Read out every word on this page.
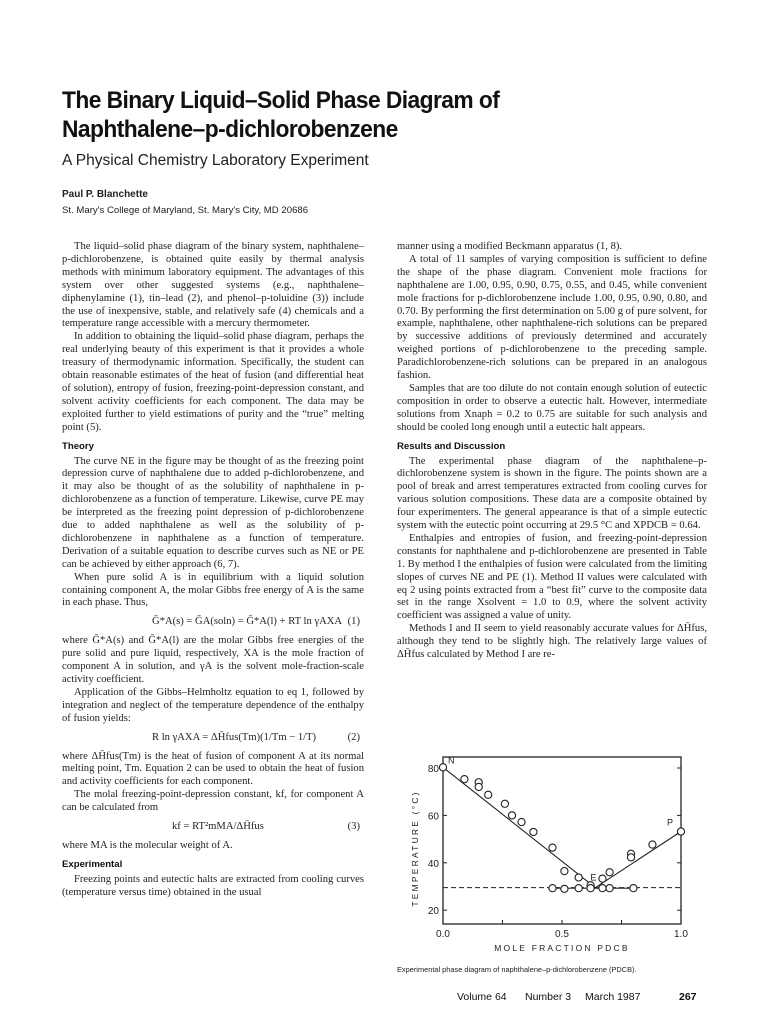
The Binary Liquid–Solid Phase Diagram of
Naphthalene–p-dichlorobenzene
A Physical Chemistry Laboratory Experiment
Paul P. Blanchette
St. Mary's College of Maryland, St. Mary's City, MD 20686

The liquid–solid phase diagram of the binary system, naphthalene–p-dichlorobenzene, is obtained quite easily by thermal analysis methods with minimum laboratory equipment. The advantages of this system over other suggested systems (e.g., naphthalene–diphenylamine (1), tin–lead (2), and phenol–p-toluidine (3)) include the use of inexpensive, stable, and relatively safe (4) chemicals and a temperature range accessible with a mercury thermometer.

In addition to obtaining the liquid–solid phase diagram, perhaps the real underlying beauty of this experiment is that it provides a whole treasury of thermodynamic information. Specifically, the student can obtain reasonable estimates of the heat of fusion (and differential heat of solution), entropy of fusion, freezing-point-depression constant, and solvent activity coefficients for each component. The data may be exploited further to yield estimations of purity and the “true” melting point (5).

Theory

The curve NE in the figure may be thought of as the freezing point depression curve of naphthalene due to added p-dichlorobenzene, and it may also be thought of as the solubility of naphthalene in p-dichlorobenzene as a function of temperature. Likewise, curve PE may be interpreted as the freezing point depression of p-dichlorobenzene due to added naphthalene as well as the solubility of p-dichlorobenzene in naphthalene as a function of temperature. Derivation of a suitable equation to describe curves such as NE or PE can be achieved by either approach (6, 7).

When pure solid A is in equilibrium with a liquid solution containing component A, the molar Gibbs free energy of A is the same in each phase. Thus,

Ḡ*A(s) = ḠA(soln) = Ḡ*A(l) + RT ln γAXA (1)

where Ḡ*A(s) and Ḡ*A(l) are the molar Gibbs free energies of the pure solid and pure liquid, respectively, XA is the mole fraction of component A in solution, and γA is the solvent mole-fraction-scale activity coefficient.

Application of the Gibbs–Helmholtz equation to eq 1, followed by integration and neglect of the temperature dependence of the enthalpy of fusion yields:

R ln γAXA = ΔH̄fus(Tm)(1/Tm − 1/T)	(2)

where ΔH̄fus(Tm) is the heat of fusion of component A at its normal melting point, Tm. Equation 2 can be used to obtain the heat of fusion and activity coefficients for each component.

The molal freezing-point-depression constant, kf, for component A can be calculated from

kf = RT²mMA/ΔH̄fus	(3)

where MA is the molecular weight of A.

Experimental

Freezing points and eutectic halts are extracted from cooling curves (temperature versus time) obtained in the usual

manner using a modified Beckmann apparatus (1, 8).

A total of 11 samples of varying composition is sufficient to define the shape of the phase diagram. Convenient mole fractions for naphthalene are 1.00, 0.95, 0.90, 0.75, 0.55, and 0.45, while convenient mole fractions for p-dichlorobenzene include 1.00, 0.95, 0.90, 0.80, and 0.70. By performing the first determination on 5.00 g of pure solvent, for example, naphthalene, other naphthalene-rich solutions can be prepared by successive additions of previously determined and accurately weighed portions of p-dichlorobenzene to the preceding sample. Paradichlorobenzene-rich solutions can be prepared in an analogous fashion.

Samples that are too dilute do not contain enough solution of eutectic composition in order to observe a eutectic halt. However, intermediate solutions from Xnaph = 0.2 to 0.75 are suitable for such analysis and should be cooled long enough until a eutectic halt appears.

Results and Discussion

The experimental phase diagram of the naphthalene–p-dichlorobenzene system is shown in the figure. The points shown are a pool of break and arrest temperatures extracted from cooling curves for various solution compositions. These data are a composite obtained by four experimenters. The general appearance is that of a simple eutectic system with the eutectic point occurring at 29.5 °C and XPDCB = 0.64.

Enthalpies and entropies of fusion, and freezing-point-depression constants for naphthalene and p-dichlorobenzene are presented in Table 1. By method I the enthalpies of fusion were calculated from the limiting slopes of curves NE and PE (1). Method II values were calculated with eq 2 using points extracted from a “best fit” curve to the composite data set in the range Xsolvent = 1.0 to 0.9, where the solvent activity coefficient was assigned a value of unity.

Methods I and II seem to yield reasonably accurate values for ΔH̄fus, although they tend to be slightly high. The relatively large values of ΔH̄fus calculated by Method I are re-

20
40
60
80
0.0	0.5	1.0
MOLE FRACTION PDCB
TEMPERATURE (°C)
N
E
P
Experimental phase diagram of naphthalene–p-dichlorobenzene (PDCB).
Volume 64 Number 3 March 1987	267
